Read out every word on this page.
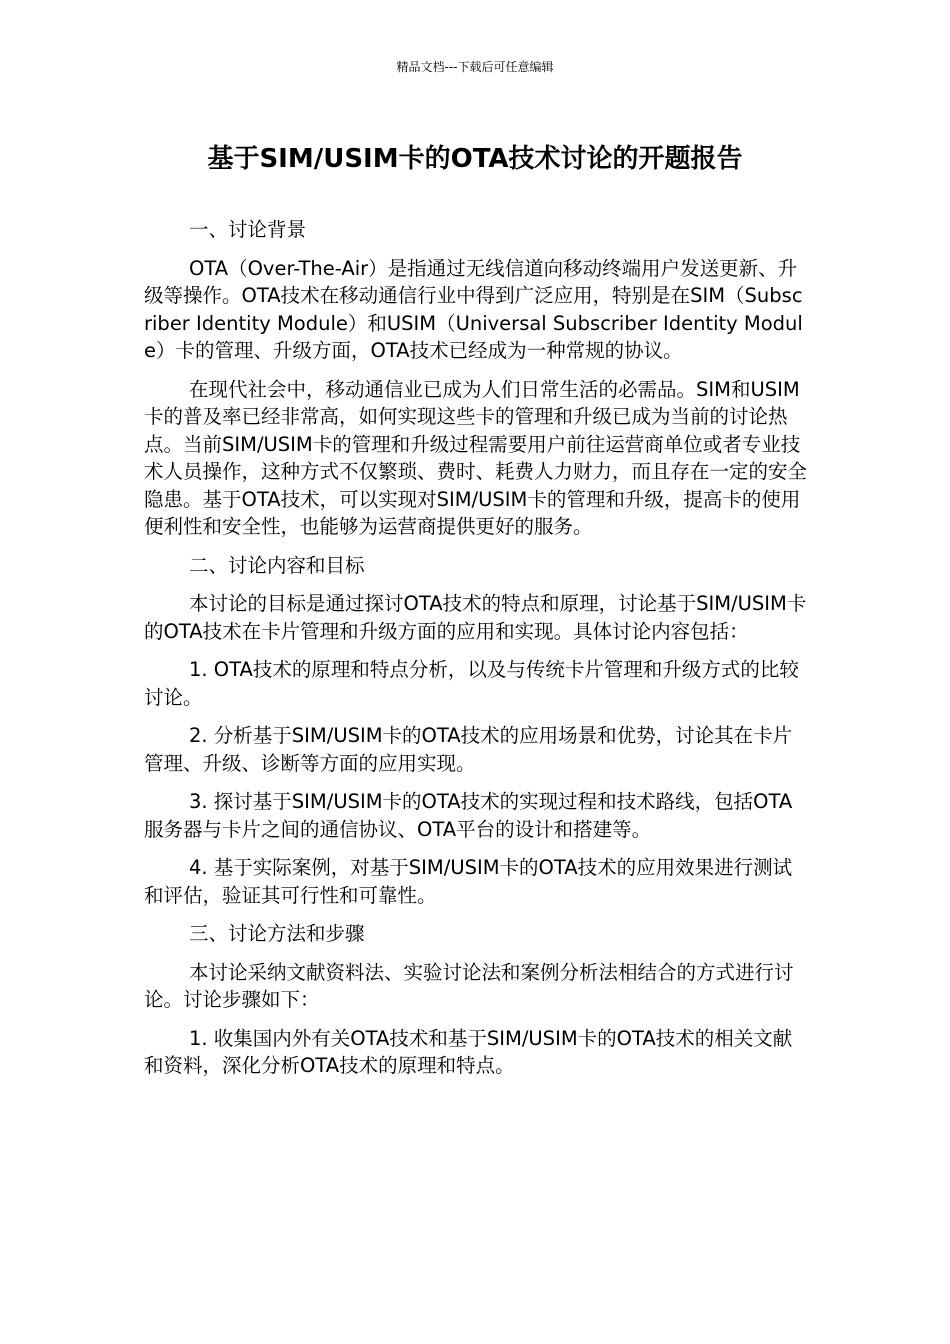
精品文档---下载后可任意编辑
基于SIM/USIM卡的OTA技术讨论的开题报告

一、讨论背景

OTA（Over-The-Air）是指通过无线信道向移动终端用户发送更新、升级等操作。OTA技术在移动通信行业中得到广泛应用，特别是在SIM（Subscriber Identity Module）和USIM（Universal Subscriber Identity Module）卡的管理、升级方面，OTA技术已经成为一种常规的协议。

在现代社会中，移动通信业已成为人们日常生活的必需品。SIM和USIM卡的普及率已经非常高，如何实现这些卡的管理和升级已成为当前的讨论热点。当前SIM/USIM卡的管理和升级过程需要用户前往运营商单位或者专业技术人员操作，这种方式不仅繁琐、费时、耗费人力财力，而且存在一定的安全隐患。基于OTA技术，可以实现对SIM/USIM卡的管理和升级，提高卡的使用便利性和安全性，也能够为运营商提供更好的服务。

二、讨论内容和目标

本讨论的目标是通过探讨OTA技术的特点和原理，讨论基于SIM/USIM卡的OTA技术在卡片管理和升级方面的应用和实现。具体讨论内容包括：

1. OTA技术的原理和特点分析，以及与传统卡片管理和升级方式的比较讨论。

2. 分析基于SIM/USIM卡的OTA技术的应用场景和优势，讨论其在卡片管理、升级、诊断等方面的应用实现。

3. 探讨基于SIM/USIM卡的OTA技术的实现过程和技术路线，包括OTA服务器与卡片之间的通信协议、OTA平台的设计和搭建等。

4. 基于实际案例，对基于SIM/USIM卡的OTA技术的应用效果进行测试和评估，验证其可行性和可靠性。

三、讨论方法和步骤

本讨论采纳文献资料法、实验讨论法和案例分析法相结合的方式进行讨论。讨论步骤如下：

1. 收集国内外有关OTA技术和基于SIM/USIM卡的OTA技术的相关文献和资料，深化分析OTA技术的原理和特点。
